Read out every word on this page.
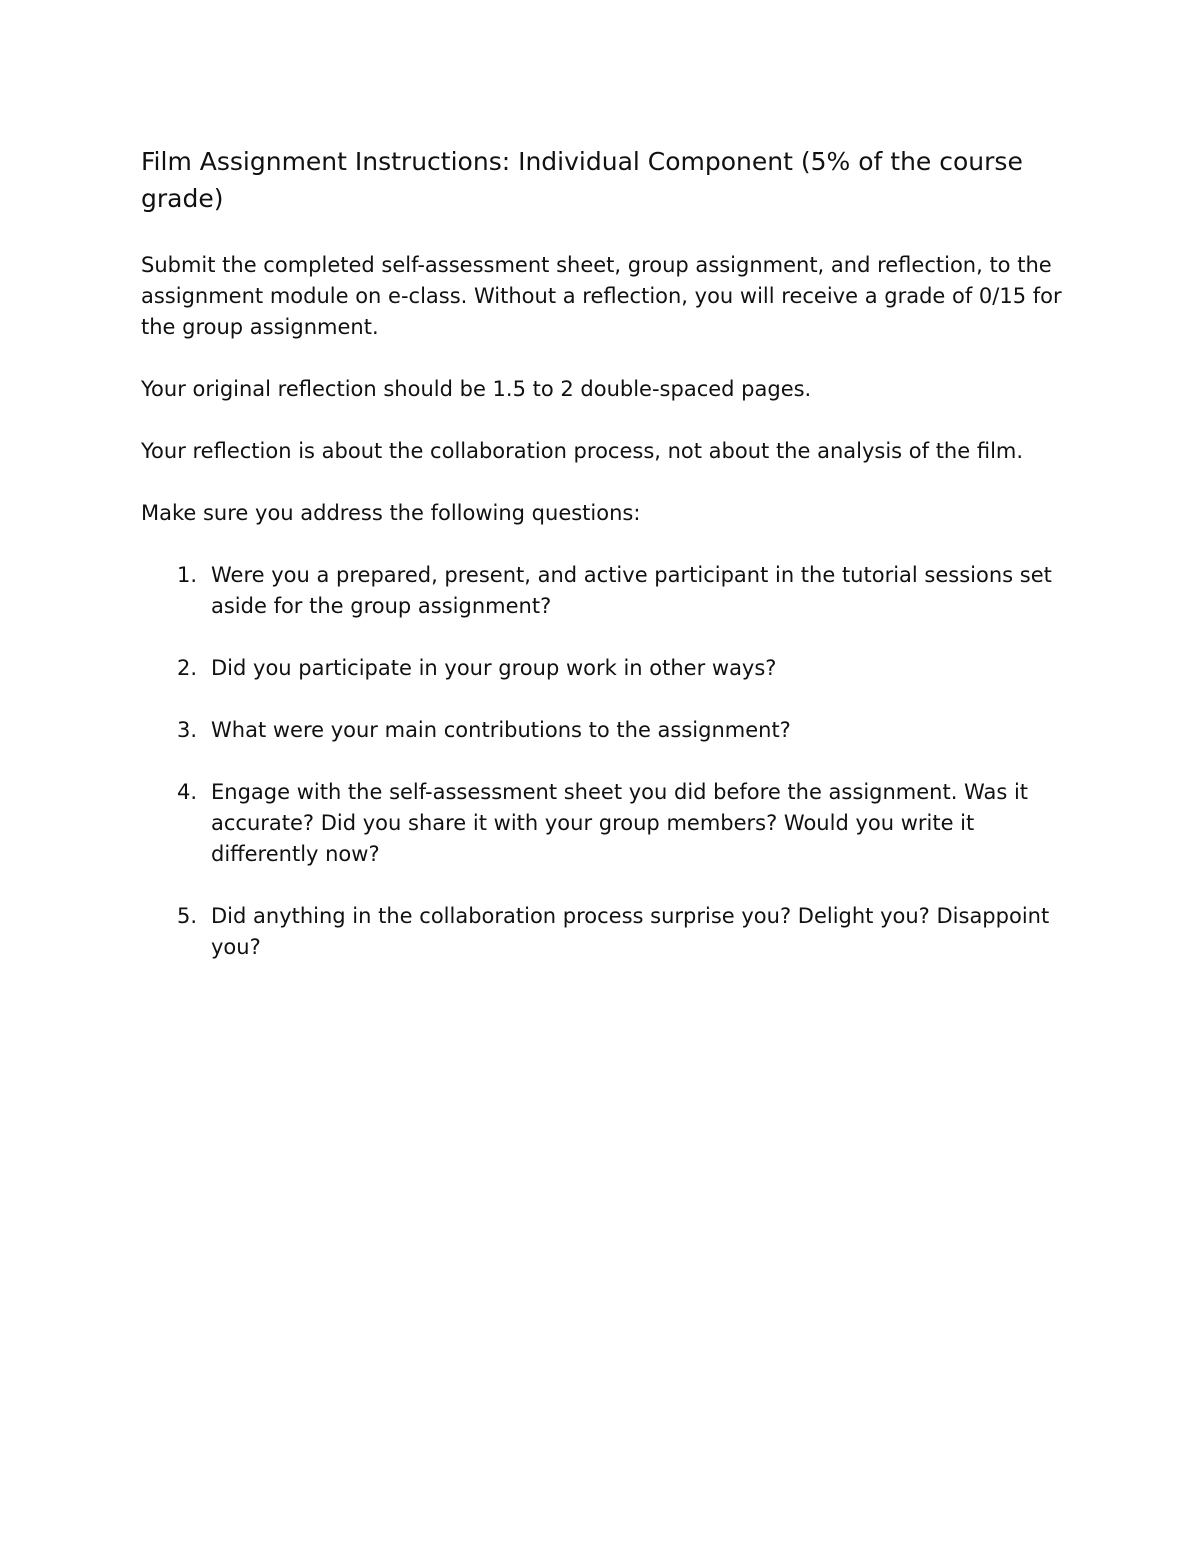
Film Assignment Instructions: Individual Component (5% of the course grade)

Submit the completed self-assessment sheet, group assignment, and reflection, to the assignment module on e-class. Without a reflection, you will receive a grade of 0/15 for the group assignment.

Your original reflection should be 1.5 to 2 double-spaced pages.

Your reflection is about the collaboration process, not about the analysis of the film.

Make sure you address the following questions:

1. Were you a prepared, present, and active participant in the tutorial sessions set aside for the group assignment?
2. Did you participate in your group work in other ways?
3. What were your main contributions to the assignment?
4. Engage with the self-assessment sheet you did before the assignment. Was it accurate? Did you share it with your group members? Would you write it differently now?
5. Did anything in the collaboration process surprise you? Delight you? Disappoint you?
